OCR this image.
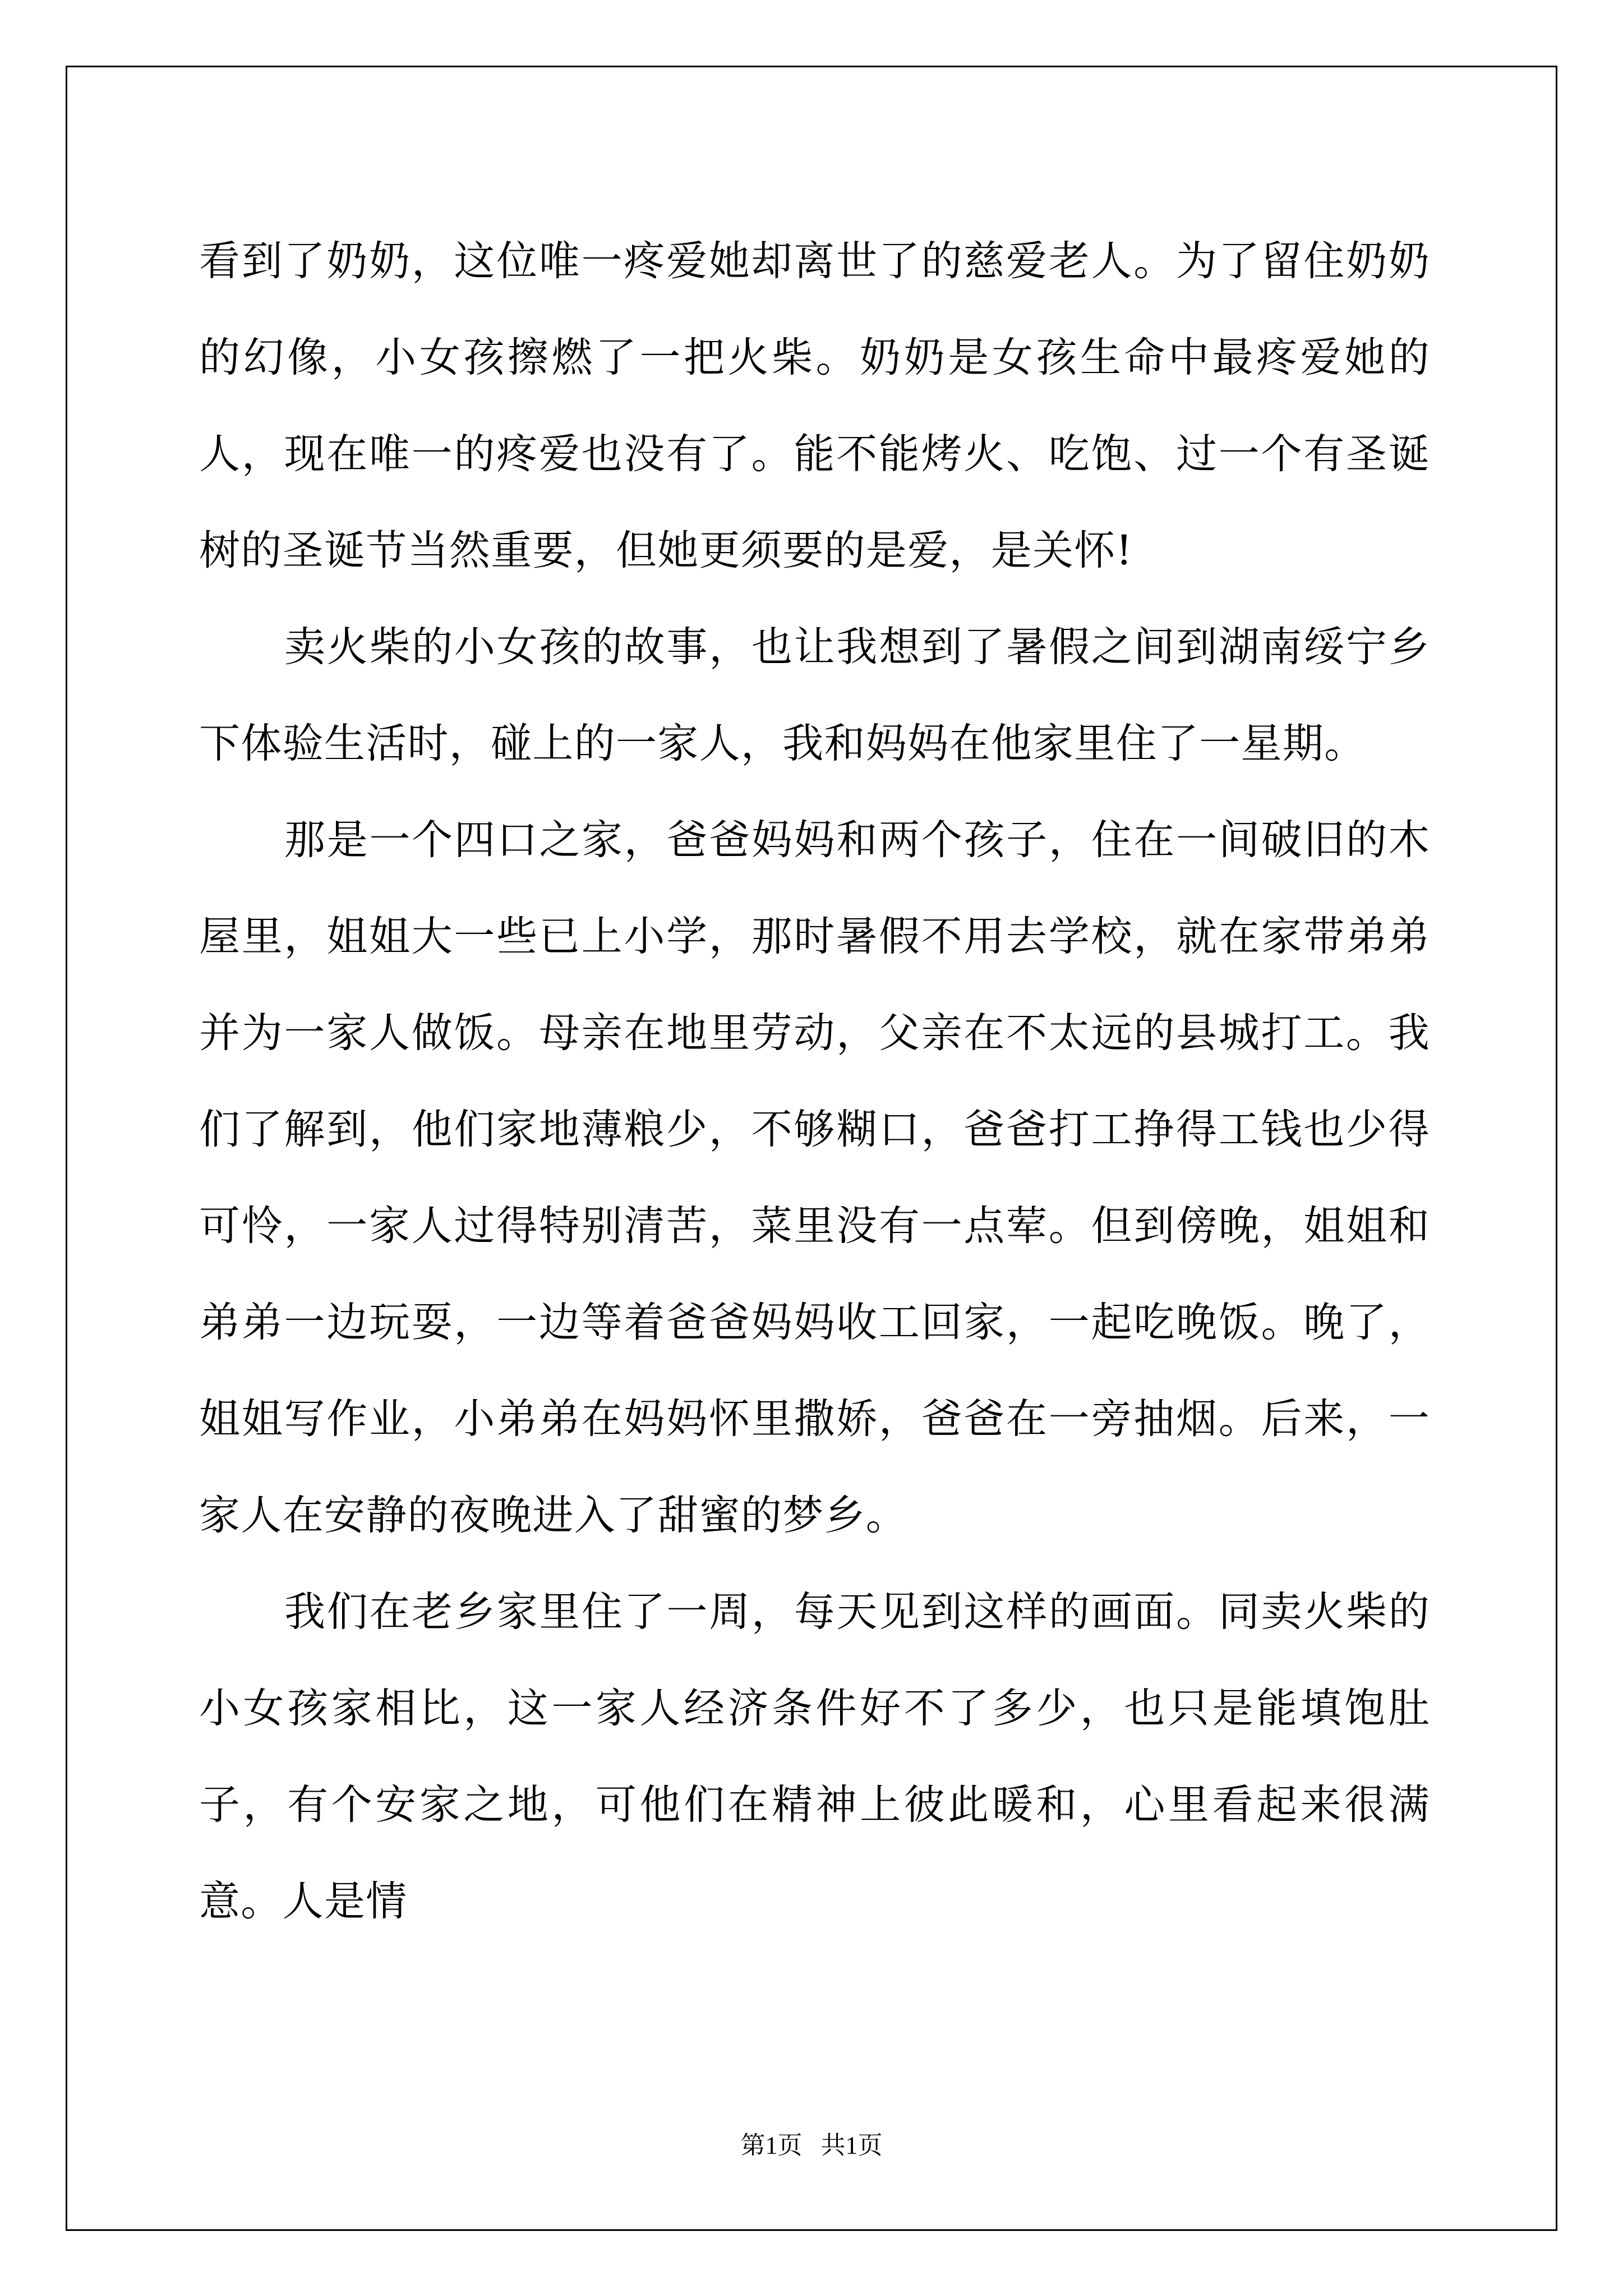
看到了奶奶，这位唯一疼爱她却离世了的慈爱老人。为了留住奶奶的幻像，小女孩擦燃了一把火柴。奶奶是女孩生命中最疼爱她的人，现在唯一的疼爱也没有了。能不能烤火、吃饱、过一个有圣诞树的圣诞节当然重要，但她更须要的是爱，是关怀!

卖火柴的小女孩的故事，也让我想到了暑假之间到湖南绥宁乡下体验生活时，碰上的一家人，我和妈妈在他家里住了一星期。

那是一个四口之家，爸爸妈妈和两个孩子，住在一间破旧的木屋里，姐姐大一些已上小学，那时暑假不用去学校，就在家带弟弟并为一家人做饭。母亲在地里劳动，父亲在不太远的县城打工。我们了解到，他们家地薄粮少，不够糊口，爸爸打工挣得工钱也少得可怜，一家人过得特别清苦，菜里没有一点荤。但到傍晚，姐姐和弟弟一边玩耍，一边等着爸爸妈妈收工回家，一起吃晚饭。晚了，姐姐写作业，小弟弟在妈妈怀里撒娇，爸爸在一旁抽烟。后来，一家人在安静的夜晚进入了甜蜜的梦乡。

我们在老乡家里住了一周，每天见到这样的画面。同卖火柴的小女孩家相比，这一家人经济条件好不了多少，也只是能填饱肚子，有个安家之地，可他们在精神上彼此暖和，心里看起来很满意。人是情

第1页   共1页
